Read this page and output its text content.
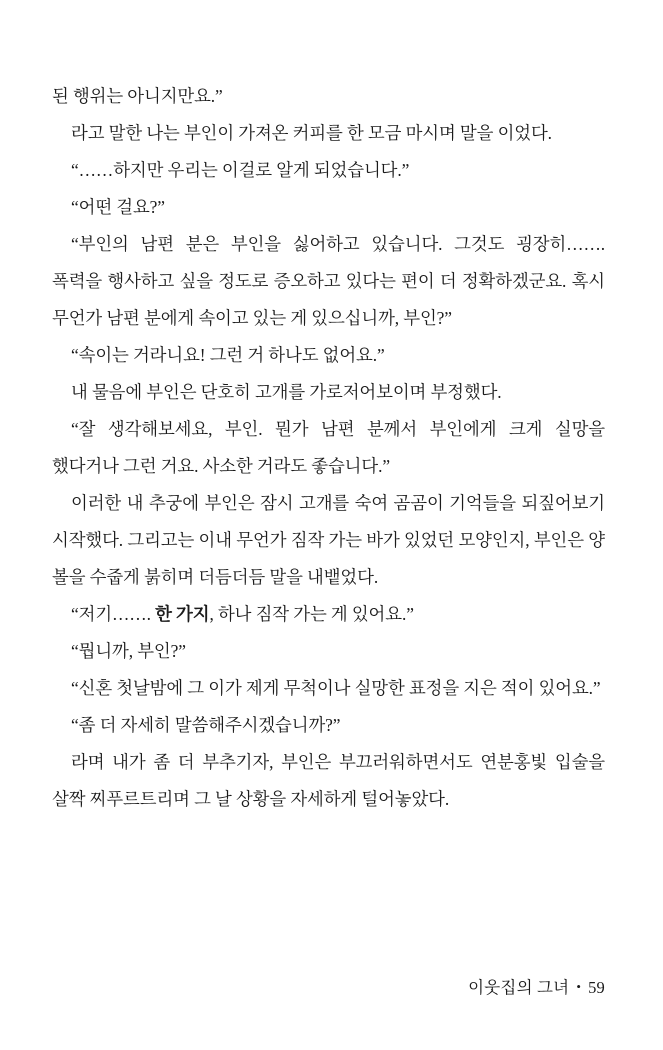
된 행위는 아니지만요.”

라고 말한 나는 부인이 가져온 커피를 한 모금 마시며 말을 이었다.

“……하지만 우리는 이걸로 알게 되었습니다.”

“어떤 걸요?”

“부인의 남편 분은 부인을 싫어하고 있습니다. 그것도 굉장히……. 폭력을 행사하고 싶을 정도로 증오하고 있다는 편이 더 정확하겠군요. 혹시 무언가 남편 분에게 속이고 있는 게 있으십니까, 부인?”

“속이는 거라니요! 그런 거 하나도 없어요.”

내 물음에 부인은 단호히 고개를 가로저어보이며 부정했다.

“잘 생각해보세요, 부인. 뭔가 남편 분께서 부인에게 크게 실망을 했다거나 그런 거요. 사소한 거라도 좋습니다.”

이러한 내 추궁에 부인은 잠시 고개를 숙여 곰곰이 기억들을 되짚어보기 시작했다. 그리고는 이내 무언가 짐작 가는 바가 있었던 모양인지, 부인은 양 볼을 수줍게 붉히며 더듬더듬 말을 내뱉었다.

“저기……. 한 가지, 하나 짐작 가는 게 있어요.”

“뭡니까, 부인?”

“신혼 첫날밤에 그 이가 제게 무척이나 실망한 표정을 지은 적이 있어요.”

“좀 더 자세히 말씀해주시겠습니까?”

라며 내가 좀 더 부추기자, 부인은 부끄러워하면서도 연분홍빛 입술을 살짝 찌푸르트리며 그 날 상황을 자세하게 털어놓았다.

이웃집의 그녀 • 59
